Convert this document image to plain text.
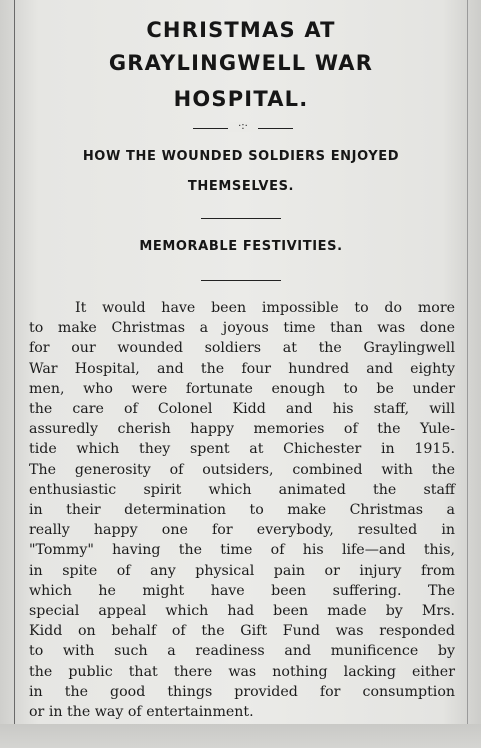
CHRISTMAS AT
GRAYLINGWELL WAR
HOSPITAL.
·:·
HOW THE WOUNDED SOLDIERS ENJOYED
THEMSELVES.
MEMORABLE FESTIVITIES.

It would have been impossible to do more
to make Christmas a joyous time than was done
for our wounded soldiers at the Graylingwell
War Hospital, and the four hundred and eighty
men, who were fortunate enough to be under
the care of Colonel Kidd and his staff, will
assuredly cherish happy memories of the Yule-
tide which they spent at Chichester in 1915.
The generosity of outsiders, combined with the
enthusiastic spirit which animated the staff
in their determination to make Christmas a
really happy one for everybody, resulted in
"Tommy" having the time of his life—and this,
in spite of any physical pain or injury from
which he might have been suffering. The
special appeal which had been made by Mrs.
Kidd on behalf of the Gift Fund was responded
to with such a readiness and munificence by
the public that there was nothing lacking either
in the good things provided for consumption
or in the way of entertainment.
